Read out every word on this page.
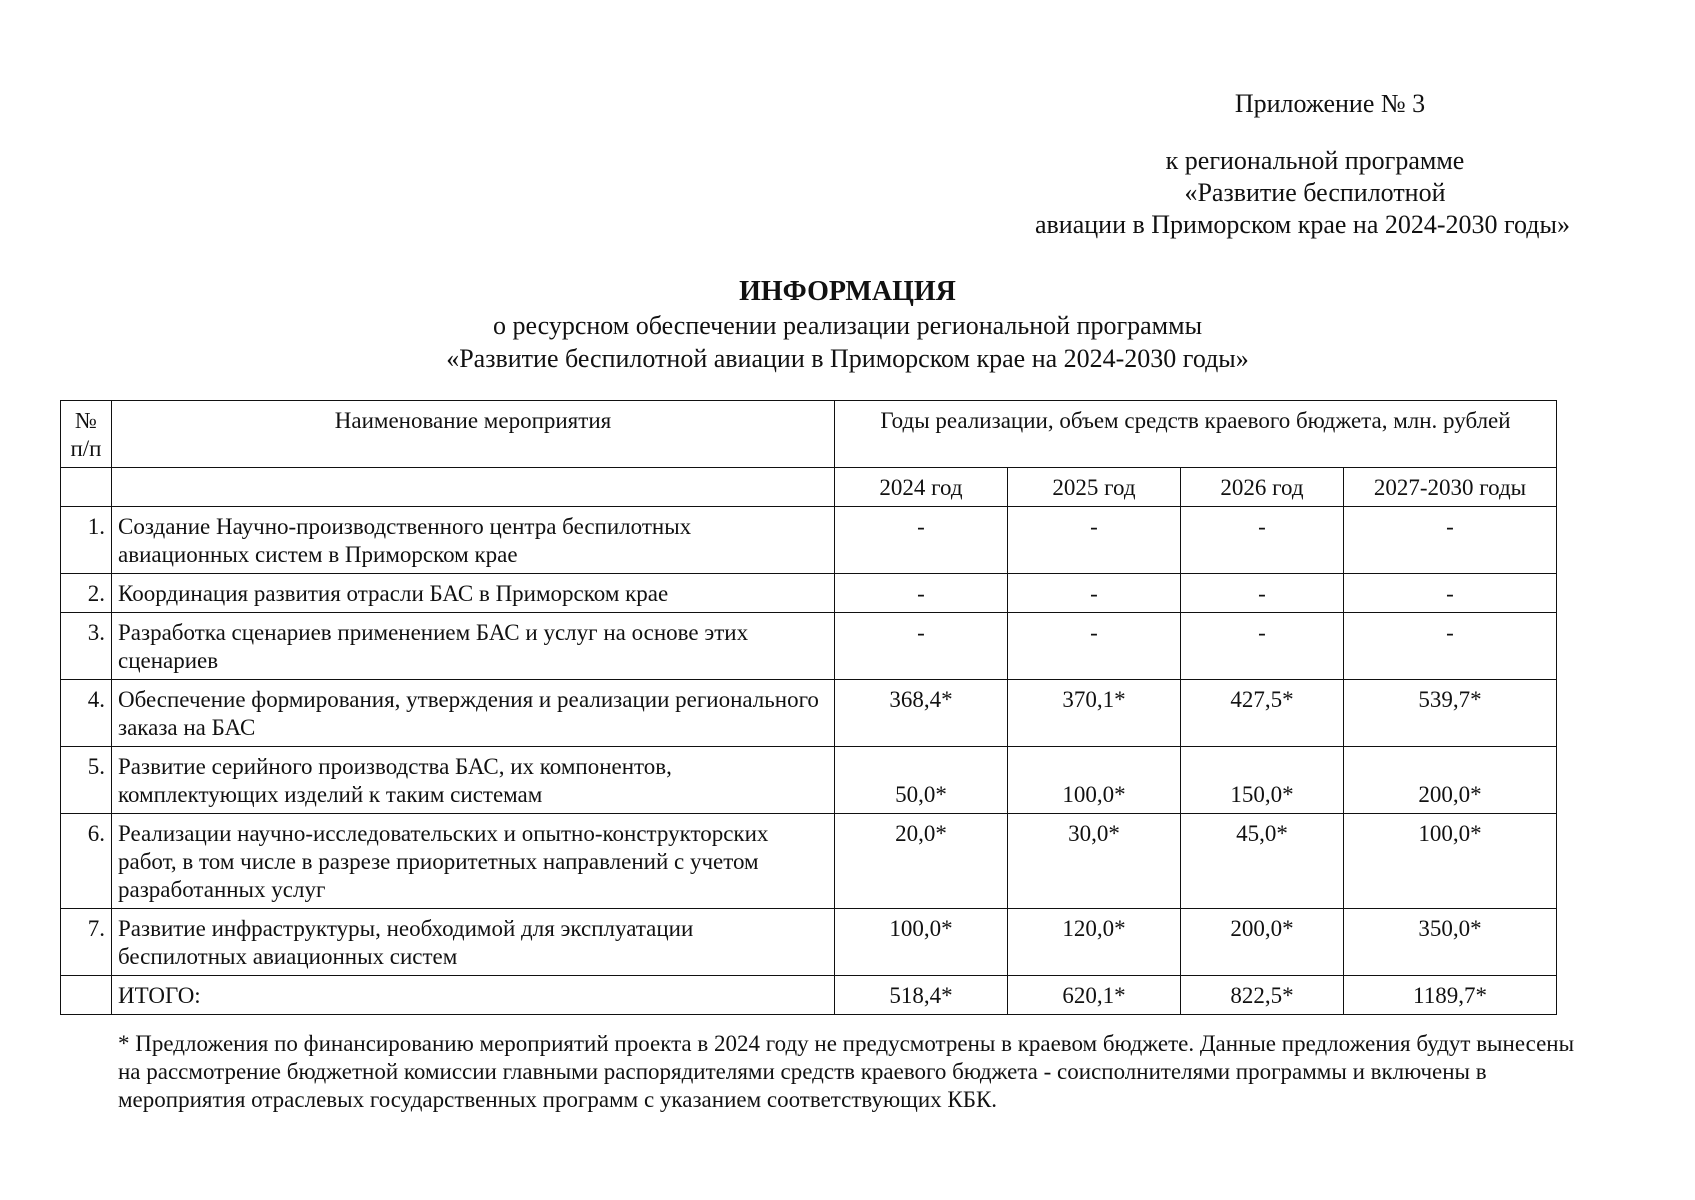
Приложение № 3
к региональной программе
«Развитие беспилотной
авиации в Приморском крае на 2024-2030 годы»
ИНФОРМАЦИЯ
о ресурсном обеспечении реализации региональной программы
«Развитие беспилотной авиации в Приморском крае на 2024-2030 годы»
№ п/п	Наименование мероприятия	Годы реализации, объем средств краевого бюджета, млн. рублей			
		2024 год	2025 год	2026 год	2027-2030 годы
1.	Создание Научно-производственного центра беспилотных авиационных систем в Приморском крае	-	-	-	-
2.	Координация развития отрасли БАС в Приморском крае	-	-	-	-
3.	Разработка сценариев применением БАС и услуг на основе этих сценариев	-	-	-	-
4.	Обеспечение формирования, утверждения и реализации регионального заказа на БАС	368,4*	370,1*	427,5*	539,7*
5.	Развитие серийного производства БАС, их компонентов, комплектующих изделий к таким системам	50,0*	100,0*	150,0*	200,0*
6.	Реализации научно-исследовательских и опытно-конструкторских работ, в том числе в разрезе приоритетных направлений с учетом разработанных услуг	20,0*	30,0*	45,0*	100,0*
7.	Развитие инфраструктуры, необходимой для эксплуатации беспилотных авиационных систем	100,0*	120,0*	200,0*	350,0*
	ИТОГО:	518,4*	620,1*	822,5*	1189,7*
* Предложения по финансированию мероприятий проекта в 2024 году не предусмотрены в краевом бюджете. Данные предложения будут вынесены на рассмотрение бюджетной комиссии главными распорядителями средств краевого бюджета - соисполнителями программы и включены в мероприятия отраслевых государственных программ с указанием соответствующих КБК.
